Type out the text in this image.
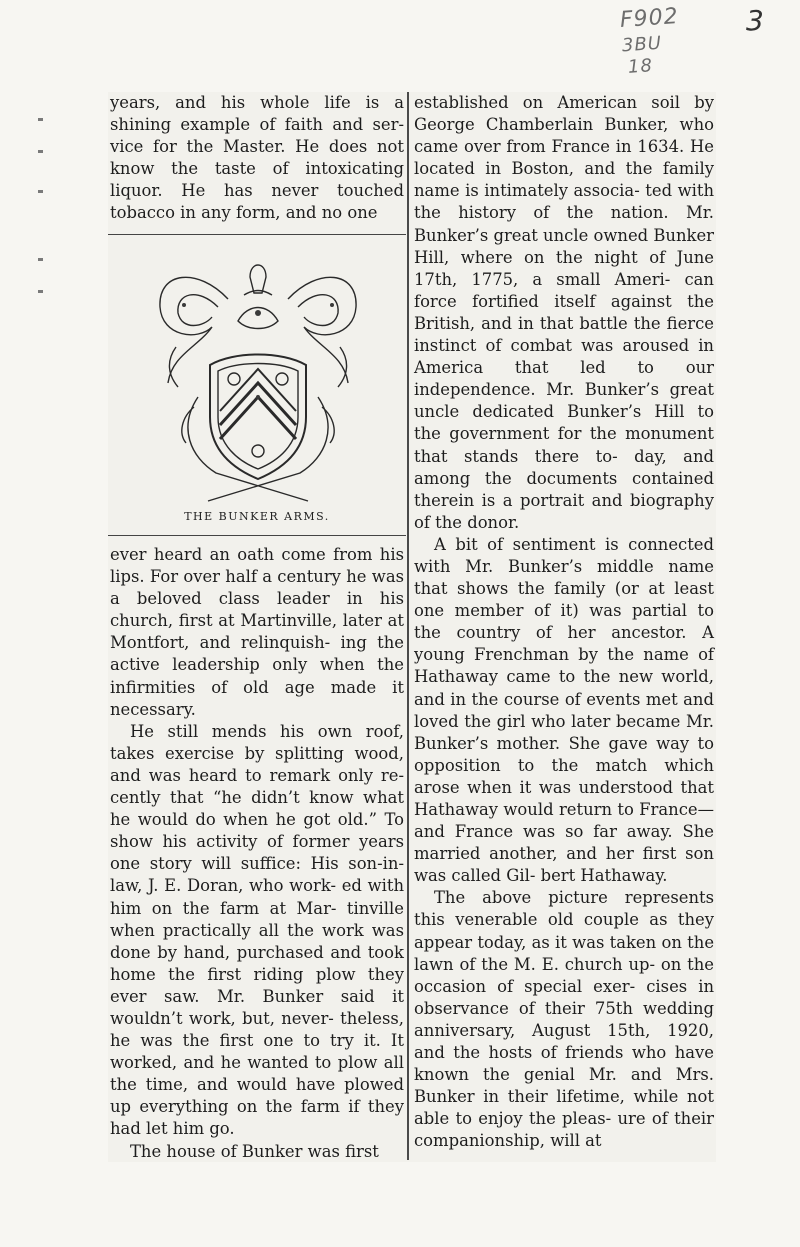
F902
3BU
18
3

years, and his whole life is a shining example of faith and ser- vice for the Master. He does not know the taste of intoxicating liquor. He has never touched tobacco in any form, and no one

THE BUNKER ARMS.

ever heard an oath come from his lips. For over half a century he was a beloved class leader in his church, first at Martinville, later at Montfort, and relinquish- ing the active leadership only when the infirmities of old age made it necessary.

He still mends his own roof, takes exercise by splitting wood, and was heard to remark only re- cently that “he didn’t know what he would do when he got old.” To show his activity of former years one story will suffice: His son-in-law, J. E. Doran, who work- ed with him on the farm at Mar- tinville when practically all the work was done by hand, purchased and took home the first riding plow they ever saw. Mr. Bunker said it wouldn’t work, but, never- theless, he was the first one to try it. It worked, and he wanted to plow all the time, and would have plowed up everything on the farm if they had let him go.

The house of Bunker was first

established on American soil by George Chamberlain Bunker, who came over from France in 1634. He located in Boston, and the family name is intimately associa- ted with the history of the nation. Mr. Bunker’s great uncle owned Bunker Hill, where on the night of June 17th, 1775, a small Ameri- can force fortified itself against the British, and in that battle the fierce instinct of combat was aroused in America that led to our independence. Mr. Bunker’s great uncle dedicated Bunker’s Hill to the government for the monument that stands there to- day, and among the documents contained therein is a portrait and biography of the donor.

A bit of sentiment is connected with Mr. Bunker’s middle name that shows the family (or at least one member of it) was partial to the country of her ancestor. A young Frenchman by the name of Hathaway came to the new world, and in the course of events met and loved the girl who later became Mr. Bunker’s mother. She gave way to opposition to the match which arose when it was understood that Hathaway would return to France—and France was so far away. She married another, and her first son was called Gil- bert Hathaway.

The above picture represents this venerable old couple as they appear today, as it was taken on the lawn of the M. E. church up- on the occasion of special exer- cises in observance of their 75th wedding anniversary, August 15th, 1920, and the hosts of friends who have known the genial Mr. and Mrs. Bunker in their lifetime, while not able to enjoy the pleas- ure of their companionship, will at
